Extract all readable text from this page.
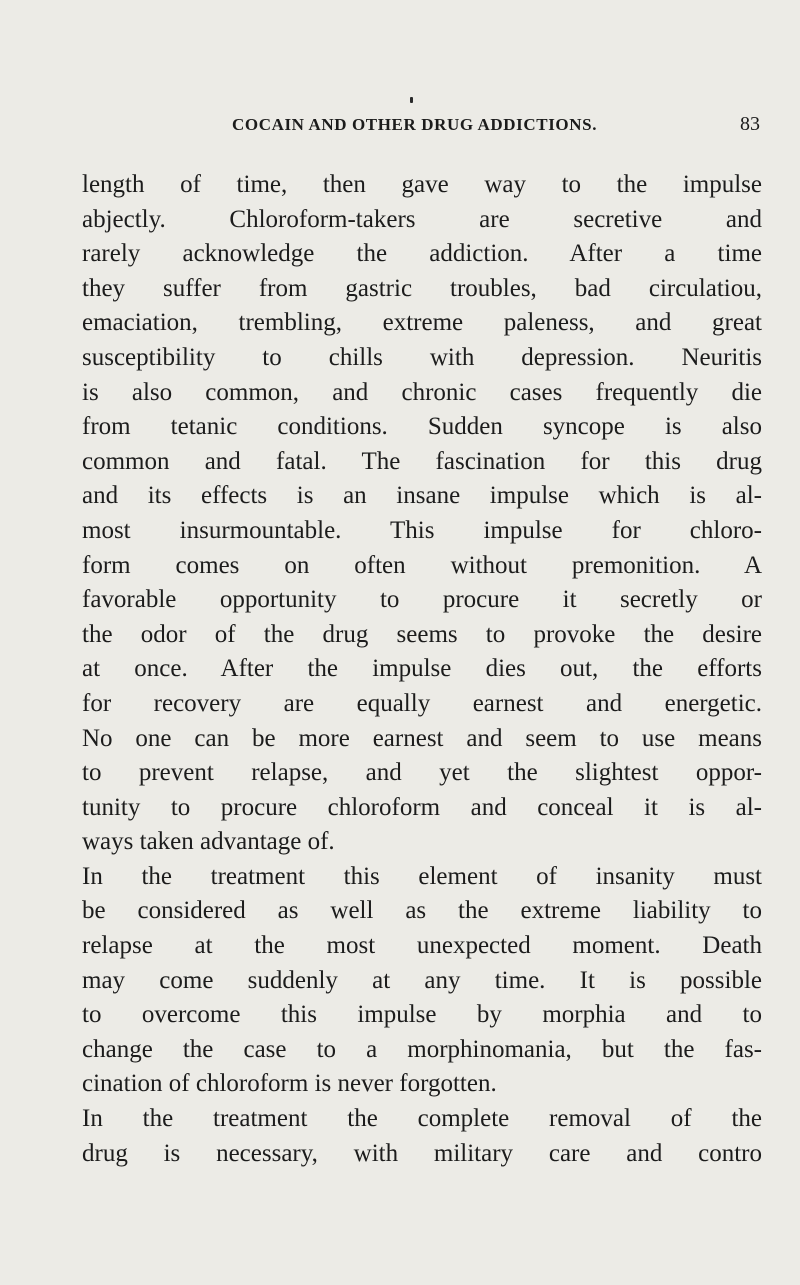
COCAIN AND OTHER DRUG ADDICTIONS.	83
length of time, then gave way to the impulse
abjectly. Chloroform-takers are secretive and
rarely acknowledge the addiction. After a time
they suffer from gastric troubles, bad circulatiou,
emaciation, trembling, extreme paleness, and great
susceptibility to chills with depression. Neuritis
is also common, and chronic cases frequently die
from tetanic conditions. Sudden syncope is also
common and fatal. The fascination for this drug
and its effects is an insane impulse which is al-
most insurmountable. This impulse for chloro-
form comes on often without premonition. A
favorable opportunity to procure it secretly or
the odor of the drug seems to provoke the desire
at once. After the impulse dies out, the efforts
for recovery are equally earnest and energetic.
No one can be more earnest and seem to use means
to prevent relapse, and yet the slightest oppor-
tunity to procure chloroform and conceal it is al-
ways taken advantage of.
In the treatment this element of insanity must
be considered as well as the extreme liability to
relapse at the most unexpected moment. Death
may come suddenly at any time. It is possible
to overcome this impulse by morphia and to
change the case to a morphinomania, but the fas-
cination of chloroform is never forgotten.
In the treatment the complete removal of the
drug is necessary, with military care and contro
